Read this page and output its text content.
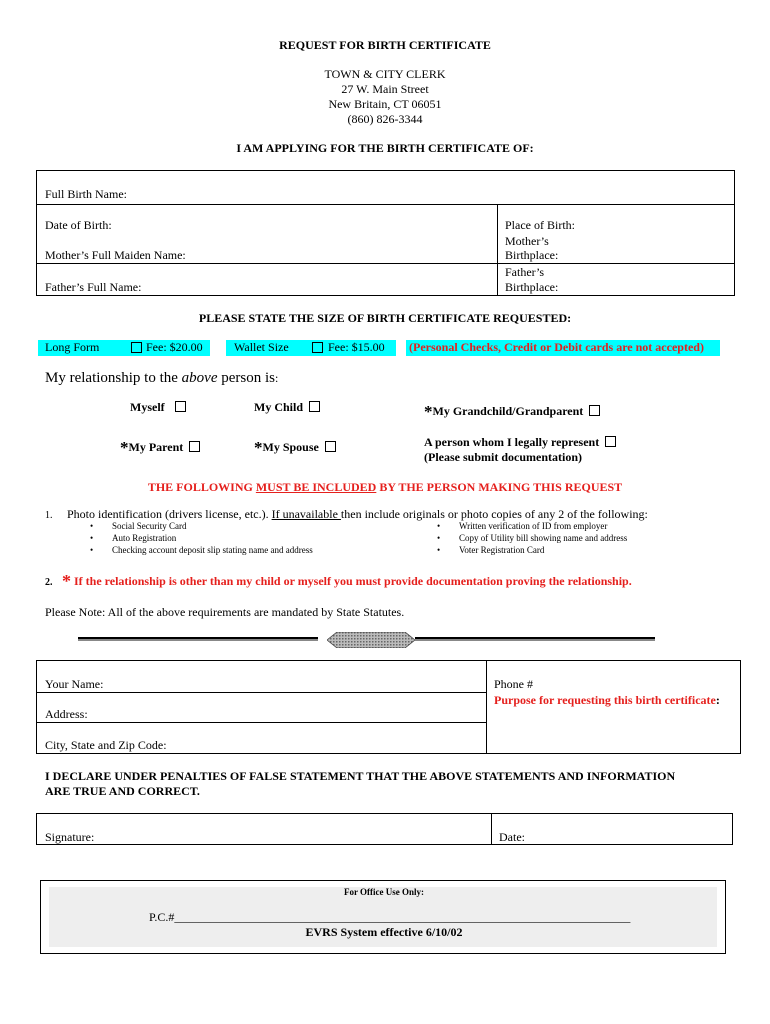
REQUEST FOR BIRTH CERTIFICATE
TOWN & CITY CLERK
27 W. Main Street
New Britain, CT 06051
(860) 826-3344
I AM APPLYING FOR THE BIRTH CERTIFICATE OF:
Full Birth Name:
Date of Birth:	Place of Birth:
Mother’s Full Maiden Name:
Mother’s
Birthplace:
Father’s Full Name:
Father’s
Birthplace:
PLEASE STATE THE SIZE OF BIRTH CERTIFICATE REQUESTED:
Long Form	Fee: $20.00	Wallet Size	Fee: $15.00 (Personal Checks, Credit or Debit cards are not accepted)
My relationship to the above person is:
Myself	My Child	*My Grandchild/Grandparent
*My Parent	*My Spouse	A person whom I legally represent
(Please submit documentation)
THE FOLLOWING MUST BE INCLUDED BY THE PERSON MAKING THIS REQUEST
1. Photo identification (drivers license, etc.). If unavailable then include originals or photo copies of any 2 of the following:
• Social Security Card
• Auto Registration
• Checking account deposit slip stating name and address
• Written verification of ID from employer
• Copy of Utility bill showing name and address
• Voter Registration Card
2. * If the relationship is other than my child or myself you must provide documentation proving the relationship.
Please Note: All of the above requirements are mandated by State Statutes.
Your Name:	Phone #
Purpose for requesting this birth certificate:
Address:
City, State and Zip Code:
I DECLARE UNDER PENALTIES OF FALSE STATEMENT THAT THE ABOVE STATEMENTS AND INFORMATION
ARE TRUE AND CORRECT.
Signature:	Date:
For Office Use Only:
P.C.#____________________________________________________________________________
EVRS System effective 6/10/02
